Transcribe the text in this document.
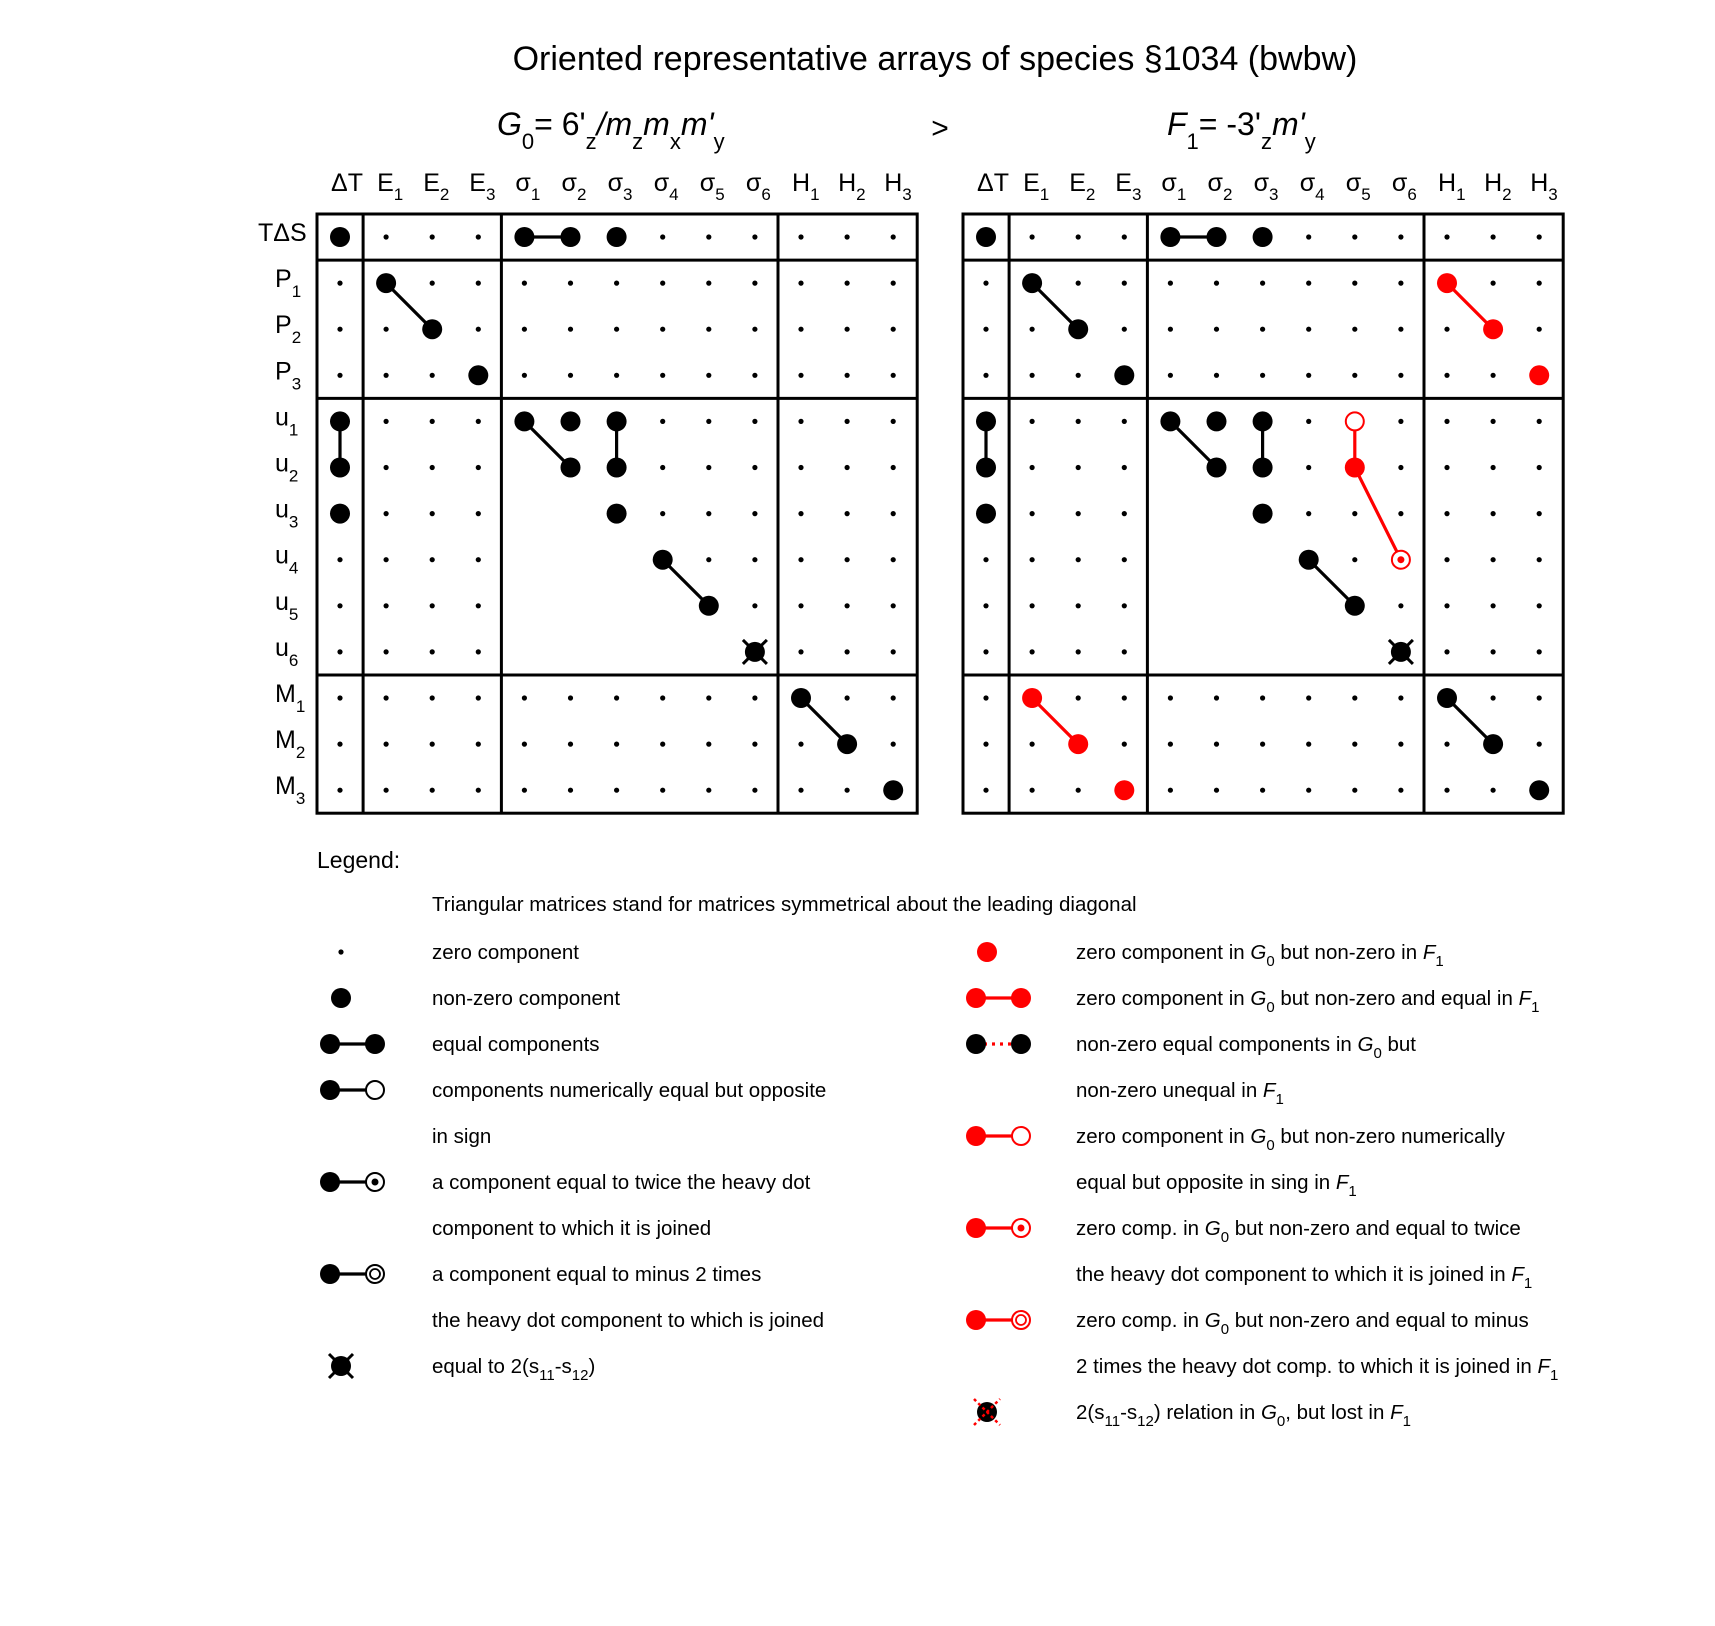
Oriented representative arrays of species §1034 (bwbw)
>
$G_0= 6'_z/m_zm_xm'_y$	$F_1= -3'_zm'_y$
ΔT $E_1$ $E_2$ $E_3$ $\sigma_1$ $\sigma_2$ $\sigma_3$ $\sigma_4$ $\sigma_5$ $\sigma_6$ $H_1$ $H_2$ $H_3$
TΔS
$P_1$
$P_2$
$P_3$
$u_1$
$u_2$
$u_3$
$u_4$
$u_5$
$u_6$
$M_1$
$M_2$
$M_3$
ΔT $E_1$ $E_2$ $E_3$ $\sigma_1$ $\sigma_2$ $\sigma_3$ $\sigma_4$ $\sigma_5$ $\sigma_6$ $H_1$ $H_2$ $H_3$
Legend:
Triangular matrices stand for matrices symmetrical about the leading diagonal
zero component
non-zero component
equal components
components numerically equal but opposite
in sign
a component equal to twice the heavy dot
component to which it is joined
a component equal to minus 2 times
the heavy dot component to which is joined
equal to $2(s_{11}-s_{12})$
zero component in $G_0$ but non-zero in $F_1$
zero component in $G_0$ but non-zero and equal in $F_1$
non-zero equal components in $G_0$ but
non-zero unequal in $F_1$
zero component in $G_0$ but non-zero numerically
equal but opposite in sing in $F_1$
zero comp. in $G_0$ but non-zero and equal to twice
the heavy dot component to which it is joined in $F_1$
zero comp. in $G_0$ but non-zero and equal to minus
2 times the heavy dot comp. to which it is joined in $F_1$
$2(s_{11}-s_{12})$ relation in $G_0$, but lost in $F_1$
